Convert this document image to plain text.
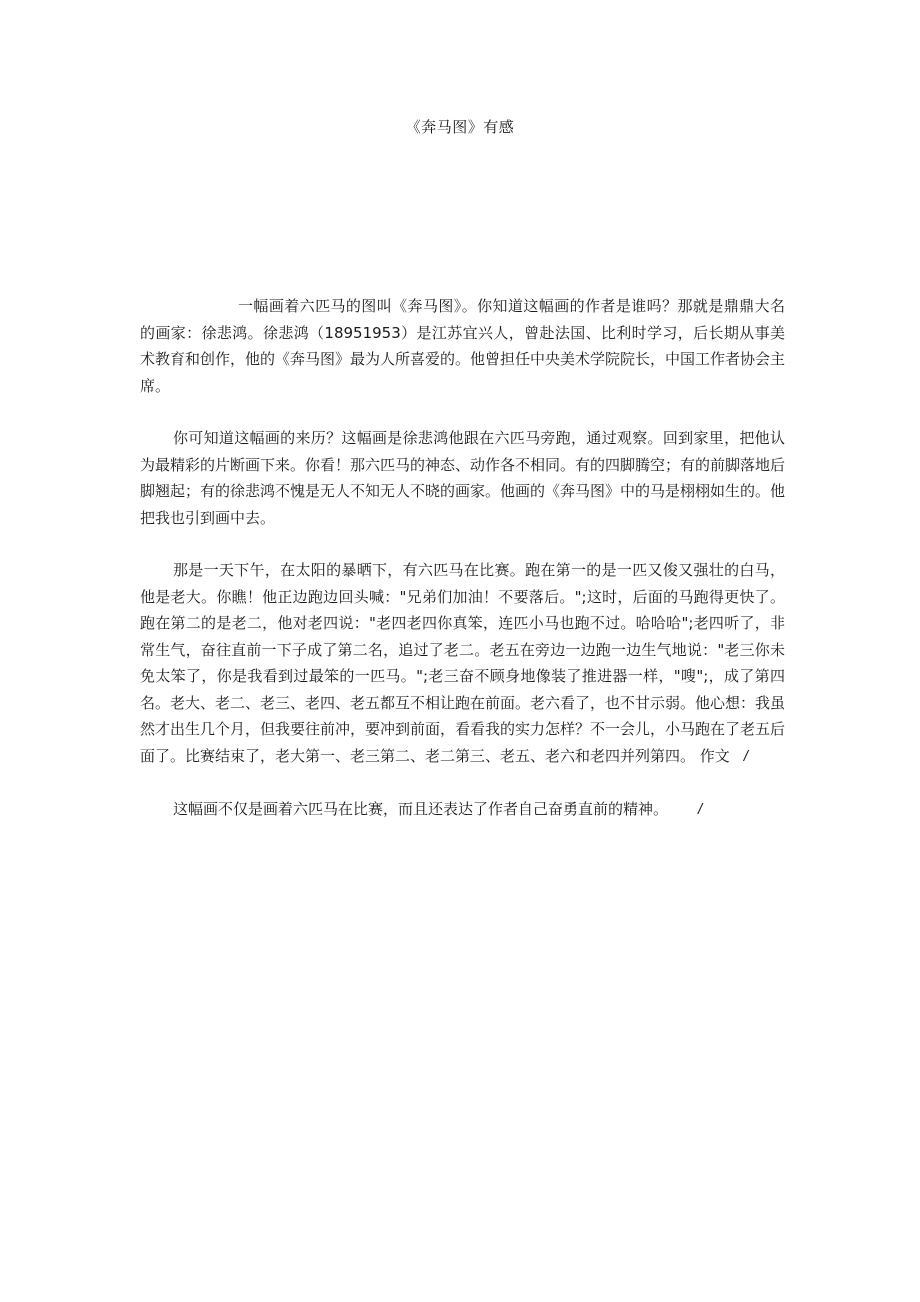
《奔马图》有感

一幅画着六匹马的图叫《奔马图》。你知道这幅画的作者是谁吗？那就是鼎鼎大名的画家：徐悲鸿。徐悲鸿（18951953）是江苏宜兴人，曾赴法国、比利时学习，后长期从事美术教育和创作，他的《奔马图》最为人所喜爱的。他曾担任中央美术学院院长，中国工作者协会主席。

你可知道这幅画的来历？这幅画是徐悲鸿他跟在六匹马旁跑，通过观察。回到家里，把他认为最精彩的片断画下来。你看！那六匹马的神态、动作各不相同。有的四脚腾空；有的前脚落地后脚翘起；有的徐悲鸿不愧是无人不知无人不晓的画家。他画的《奔马图》中的马是栩栩如生的。他把我也引到画中去。

那是一天下午，在太阳的暴晒下，有六匹马在比赛。跑在第一的是一匹又俊又强壮的白马，他是老大。你瞧！他正边跑边回头喊："兄弟们加油！不要落后。";这时，后面的马跑得更快了。跑在第二的是老二，他对老四说："老四老四你真笨，连匹小马也跑不过。哈哈哈";老四听了，非常生气，奋往直前一下子成了第二名，追过了老二。老五在旁边一边跑一边生气地说："老三你未免太笨了，你是我看到过最笨的一匹马。";老三奋不顾身地像装了推进器一样，"嗖";，成了第四名。老大、老二、老三、老四、老五都互不相让跑在前面。老六看了，也不甘示弱。他心想：我虽然才出生几个月，但我要往前冲，要冲到前面，看看我的实力怎样？不一会儿，小马跑在了老五后面了。比赛结束了，老大第一、老三第二、老二第三、老五、老六和老四并列第四。 作文 /

这幅画不仅是画着六匹马在比赛，而且还表达了作者自己奋勇直前的精神。 /
